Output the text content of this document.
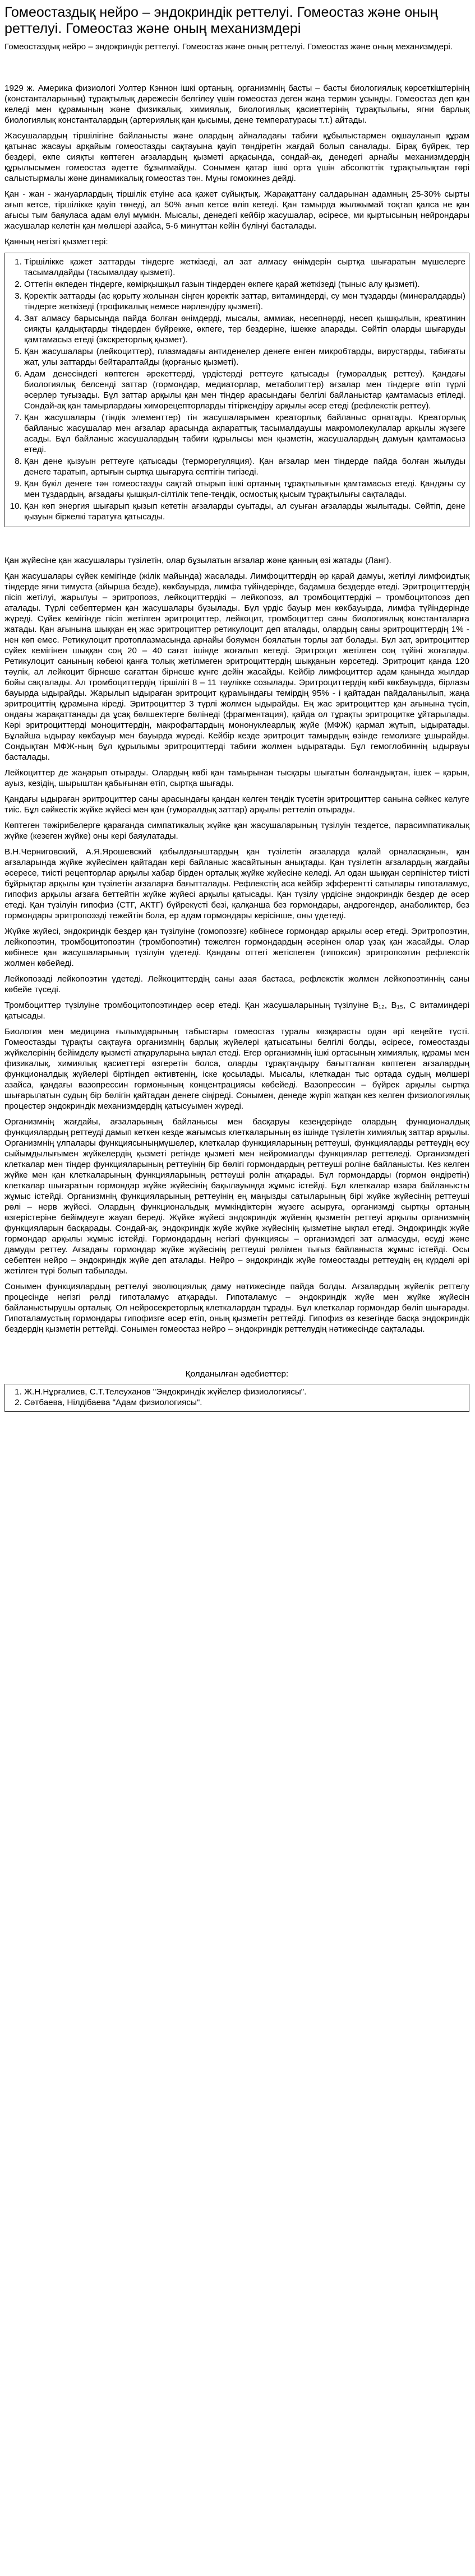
Гомеостаздық нейро – эндокриндік реттелуі. Гомеостаз және оның реттелуі. Гомеостаз және оның механизмдері
Гомеостаздық нейро – эндокриндік реттелуі. Гомеостаз және оның реттелуі. Гомеостаз және оның механизмдері.

1929 ж. Америка физиологі Уолтер Кэннон ішкі ортаның, организмнің басты – басты биологиялық көрсеткіштерінің (константаларының) тұрақтылық дәрежесін белгілеу үшін гомеостаз деген жаңа термин ұсынды. Гомеостаз деп қан келеді мен құрамының және физикалық, химиялық, биологиялық қасиеттерінің тұрақтылығы, ягни барлық биологиялық константалардың (артериялық қан қысымы, дене температурасы т.т.) айтады.

Жасушалардың тіршілігіне байланысты және олардың айналадағы табиғи құбылыстармен оқшауланып құрам қатынас жасауы арқайым гомеостазды сақтауына қауіп төндіретін жағдай болып саналады. Бірақ бүйрек, тер бездері, өкпе сияқты көптеген ағзалардың қызметі арқасында, сондай-ақ, денедегі арнайы механизмдердің құрылысымен гомеостаз әдетте бұзылмайды. Сонымен қатар ішкі орта үшін абсолюттік тұрақтылықтан гөрі салыстырмалы және динамикалық гомеостаз тән. Мұны гомокинез дейді.

Қан - жан - жануарлардың тіршілік етуіне аса қажет сұйықтық. Жарақаттану салдарынан адамның 25-30% сырты ағып кетсе, тіршілікке қауіп төнеді, ал 50% ағып кетсе өліп кетеді. Қан тамырда жылжымай тоқтап қалса не қан ағысы тым баяуласа адам өлуі мүмкін. Мысалы, денедегі кейбір жасушалар, әсіресе, ми қыртысының нейрондары жасушалар келетін қан мөлшері азайса, 5-6 минуттан кейін бүлінуі басталады.

Қанның негізгі қызметтері:
1. Тіршілікке қажет заттарды тіндерге жеткізеді, ал зат алмасу өнімдерін сыртқа шығаратын мүшелерге тасымалдайды (тасымалдау қызметі).
2. Оттегін өкпеден тіндерге, көмірқышқыл газын тіндерден өкпеге қарай жеткізеді (тыныс алу қызметі).
3. Қоректік заттарды (ас қорыту жолынан сіңген қоректік заттар, витаминдерді, су мен тұздарды (минералдарды) тіндерге жеткізеді (трофикалық немесе нәрлендіру қызметі).
4. Зат алмасу барысында пайда болған өнімдерді, мысалы, аммиак, несепнәрді, несеп қышқылын, креатинин сияқты қалдықтарды тіндерден бүйрекке, өкпеге, тер бездеріне, ішекке апарады. Сөйтіп оларды шығаруды қамтамасыз етеді (экскреторлық қызмет).
5. Қан жасушалары (лейкоциттер), плазмадағы антиденелер денеге енген микробтарды, вирустарды, табиғаты жат, улы заттарды бейтараптайды (қорғаныс қызметі).
6. Адам денесіндегі көптеген әрекеттерді, үрдістерді реттеуге қатысады (гуморалдық реттеу). Қандағы биологиялық белсенді заттар (гормондар, медиаторлар, метаболиттер) ағзалар мен тіндерге өтіп түрлі әсерлер туғызады. Бұл заттар арқылы қан мен тіндер арасындағы белгілі байланыстар қамтамасыз етіледі. Сондай-ақ қан тамырлардағы химорецепторларды тітіркендіру арқылы әсер етеді (рефлекстік реттеу).
7. Қан жасушалары (тіндік элементтер) тін жасушаларымен креаторлық байланыс орнатады. Креаторлық байланыс жасушалар мен ағзалар арасында ақпараттық тасымалдаушы макромолекулалар арқылы жүзеге асады. Бұл байланыс жасушалардың табиғи құрылысы мен қызметін, жасушалардың дамуын қамтамасыз етеді.
8. Қан дене қызуын реттеуге қатысады (терморегуляция). Қан ағзалар мен тіндерде пайда болған жылуды денеге таратып, артығын сыртқа шығаруға септігін тигізеді.
9. Қан бүкіл денеге тән гомеостазды сақтай отырып ішкі ортаның тұрақтылығын қамтамасыз етеді. Қандағы су мен тұздардың, ағзадағы қышқыл-сілтілік тепе-теңдік, осмостық қысым тұрақтылығы сақталады.
10. Қан көп энергия шығарып қызып кететін ағзаларды суытады, ал суыған ағзаларды жылытады. Сөйтіп, дене қызуын біркелкі таратуға қатысады.

Қан жүйесіне қан жасушалары түзілетін, олар бұзылатын ағзалар және қанның өзі жатады (Ланг).

Қан жасушалары сүйек кемігінде (жілік майында) жасалады. Лимфоциттердің әр қарай дамуы, жетілуі лимфоидтық тіндерде яғни тимуста (айырша безде), көкбауырда, лимфа түйіндерінде, бадамша бездерде өтеді. Эритроциттердің пісіп жетілуі, жарылуы – эритропоэз, лейкоциттердікі – лейкопоэз, ал тромбоциттердікі – тромбоцитопоэз деп аталады. Түрлі себептермен қан жасушалары бұзылады. Бұл үрдіс бауыр мен көкбауырда, лимфа түйіндерінде жүреді. Сүйек кемігінде пісіп жетілген эритроциттер, лейкоцит, тромбоциттер саны биологиялық константаларға жатады. Қан ағынына шыққан ең жас эритроциттер ретикулоцит деп аталады, олардың саны эритроциттердің 1% - нен көп емес. Ретикулоцит протоплазмасында арнайы бояумен боялатын торлы зат болады. Бұл зат, эритроциттер сүйек кемігінен шыққан соң 20 – 40 сағат ішінде жоғалып кетеді. Эритроцит жетілген соң түйіні жоғалады. Ретикулоцит санының көбеюі қанға толық жетілмеген эритроциттердің шыққанын көрсетеді. Эритроцит қанда 120 тәулік, ал лейкоцит бірнеше сағаттан бірнеше күнге дейін жасайды. Кейбір лимфоциттер адам қанында жылдар бойы сақталады. Ал тромбоциттердің тіршілігі 8 – 11 тәулікке созылады. Эритроциттердің көбі көкбауырда, бірлазы бауырда ыдырайды. Жарылып ыдыраған эритроцит құрамындағы темірдің 95% - і қайтадан пайдаланылып, жаңа эритроциттің құрамына кіреді. Эритроциттер 3 түрлі жолмен ыдырайды. Ең жас эритроциттер қан ағынына түсіп, ондағы жарақаттанады да ұсақ бөлшектерге бөлінеді (фрагментация), қайда ол тұрақты эритроцитке ұйтарылады. Кәрі эритроциттерді моноциттердің, макрофагтардың мононуклеарлық жүйе (МФЖ) қармап жұтып, ыдыратады. Бұлайша ыдырау көкбауыр мен бауырда жүреді. Кейбір кезде эритроцит тамырдың өзінде гемолизге ұшырайды. Сондықтан МФЖ-ның бұл құрылымы эритроциттерді табиғи жолмен ыдыратады. Бұл гемоглобиннің ыдырауы басталады.

Лейкоциттер де жаңарып отырады. Олардың көбі қан тамырынан тысқары шығатын болғандықтан, ішек – қарын, ауыз, кезідің, шырыштан қабығынан өтіп, сыртқа шығады.

Қандағы ыдыраған эритроциттер саны арасындағы қандан келген теңдік түсетін эритроциттер санына сәйкес келуге тиіс. Бұл сәйкестік жүйке жүйесі мен қан (гуморалдық заттар) арқылы реттеліп отырады.

Көптеген тәжірибелерге қарағанда симпатикалық жүйке қан жасушаларының түзілуін тездетсе, парасимпатикалық жүйке (кезеген жүйке) оны кері баяулатады.

В.Н.Черниговский, А.Я.Ярошевский қабылдағыштардың қан түзілетін ағзаларда қалай орналасқанын, қан ағзаларында жүйке жүйесімен қайтадан кері байланыс жасайтынын анықтады. Қан түзілетін ағзалардың жағдайы әсересе, тиісті рецепторлар арқылы хабар бірден орталық жүйке жүйесіне келеді. Ал одан шыққан серпіністер тиісті бұйрықтар арқылы қан түзілетін ағзаларға бағытталады. Рефлекстің аса кейбір эфферентті сатылары гипоталамус, гипофиз арқылы ағзаға беттейтін жүйке жүйесі арқылы қатысады. Қан түзілу үрдісіне эндокриндік бездер де әсер етеді. Қан түзілуін гипофиз (СТГ, АКТГ) бүйрекүсті безі, қалқанша без гормондары, андрогендер, анаболиктер, без гормондары эритропоэзді тежейтін бола, ер адам гормондары керісінше, оны үдетеді.

Жүйке жүйесі, эндокриндік бездер қан түзілуіне (гомопоэзге) көбінесе гормондар арқылы әсер етеді. Эритропоэтин, лейкопоэтин, тромбоцитопоэтин (тромбопоэтин) тежелген гормондардың әсерінен олар ұзақ қан жасайды. Олар көбінесе қан жасушаларының түзілуін үдетеді. Қандағы оттегі жетіспеген (гипоксия) эритропоэтин рефлекстік жолмен көбейеді.

Лейкопоэзді лейкопоэтин үдетеді. Лейкоциттердің саны азая бастаса, рефлекстік жолмен лейкопоэтиннің саны көбейе түседі.

Тромбоциттер түзілуіне тромбоцитопоэтиндер әсер етеді. Қан жасушаларының түзілуіне B₁₂, B₁₅, C витаминдері қатысады.

Биология мен медицина ғылымдарының табыстары гомеостаз туралы көзқарасты одан әрі кеңейте түсті. Гомеостазды тұрақты сақтауға организмнің барлық жүйелері қатысатыны белгілі болды, әсіресе, гомеостазды жүйкелерінің бейімделу қызметі атқаруларына ықпал етеді. Егер организмнің ішкі ортасының химиялық, құрамы мен физикалық, химиялық қасиеттері өзгеретін болса, оларды тұрақтандыру бағытталған көптеген ағзалардың функционалдық жүйелері біртіндеп әктивтенің, іске қосылады. Мысалы, клеткадан тыс ортада судың мөлшері азайса, қандағы вазопрессин гормонының концентрациясы көбейеді. Вазопрессин – бүйрек арқылы сыртқа шығарылатын судың бір бөлігін қайтадан денеге сіңіреді. Сонымен, денеде жүріп жатқан кез келген физиологиялық процестер эндокриндік механизмдердің қатысуымен жүреді.

Организмнің жағдайы, ағзаларының байланысы мен басқаруы кезеңдерінде олардың функционалдық функциялардың реттеуді дамып кеткен кезде жағымсыз клеткаларының өз ішінде түзілетін химиялық заттар арқылы. Организмнің ұлпалары функциясыныңмүшелер, клеткалар функцияларының реттеуші, функцияларды реттеудің өсу сыйымдылығымен жүйкелердің қызметі ретінде қызметі мен нейромиалды функциялар реттеледі. Организмдегі клеткалар мен тіндер функцияларының реттеуінің бір бөлігі гормондардың реттеуші роліне байланысты. Кез келген жүйке мен қан клеткаларының функцияларының реттеуші ролін атқарады. Бұл гормондарды (гормон өндіретін) клеткалар шығаратын гормондар жүйке жүйесінің бақылауында жұмыс істейді. Бұл клеткалар өзара байланысты жұмыс істейді. Организмнің функцияларының реттеуінің ең маңызды сатыларының бірі жүйке жүйесінің реттеуші рөлі – нерв жүйесі. Олардың функциональдық мүмкіндіктерін жүзеге асыруға, организмді сыртқы ортаның өзгерістеріне бейімдеуге жауап береді. Жүйке жүйесі эндокриндік жүйенің қызметін реттеуі арқылы организмнің функцияларын басқарады. Сондай-ақ, эндокриндік жүйе жүйке жүйесінің қызметіне ықпал етеді. Эндокриндік жүйе гормондар арқылы жұмыс істейді. Гормондардың негізгі функциясы – организмдегі зат алмасуды, өсуді және дамуды реттеу. Ағзадағы гормондар жүйке жүйесінің реттеуші рөлімен тығыз байланыста жұмыс істейді. Осы себептен нейро – эндокриндік жүйе деп аталады. Нейро – эндокриндік жүйе гомеостазды реттеудің ең күрделі әрі жетілген түрі болып табылады.

Сонымен функциялардың реттелуі эволюциялық даму нәтижесінде пайда болды. Ағзалардың жүйелік реттелу процесінде негізгі рөлді гипоталамус атқарады. Гипоталамус – эндокриндік жүйе мен жүйке жүйесін байланыстырушы орталық. Ол нейросекреторлық клеткалардан тұрады. Бұл клеткалар гормондар бөліп шығарады. Гипоталамустың гормондары гипофизге әсер етіп, оның қызметін реттейді. Гипофиз өз кезегінде басқа эндокриндік бездердің қызметін реттейді. Сонымен гомеостаз нейро – эндокриндік реттелудің нәтижесінде сақталады.

Қолданылған әдебиеттер:
1. Ж.Н.Нұрғалиев, С.Т.Телеуханов "Эндокриндік жүйелер физиологиясы".
2. Сәтбаева, Нілдібаева "Адам физиологиясы".
